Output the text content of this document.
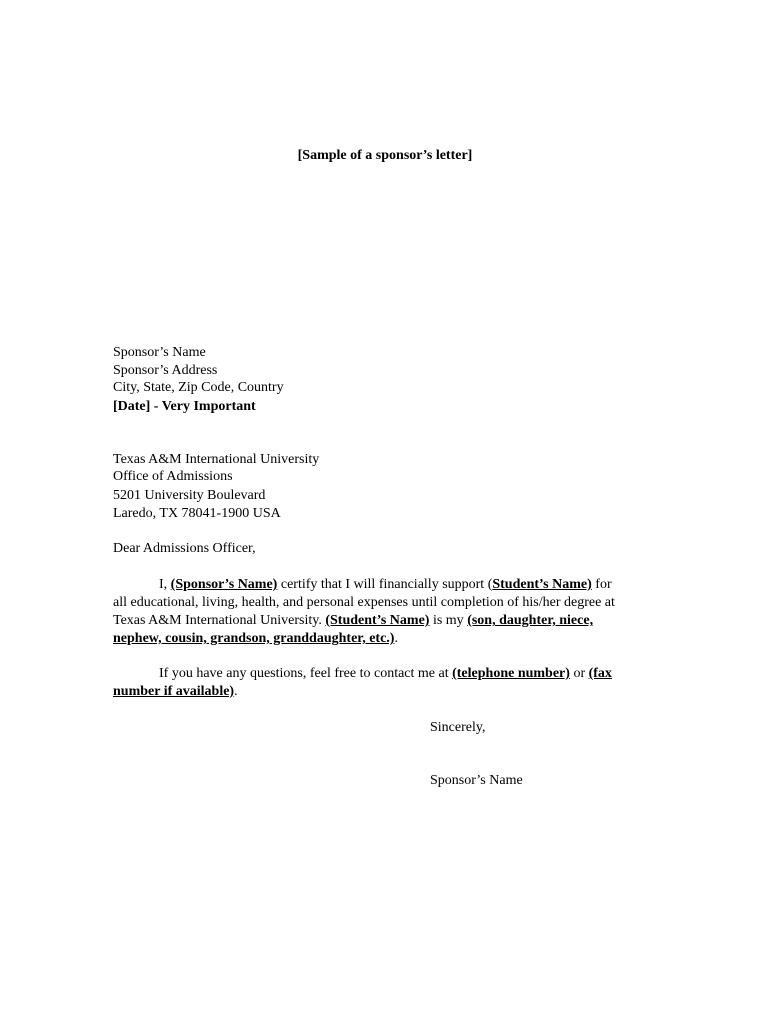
[Sample of a sponsor’s letter]
Sponsor’s Name
Sponsor’s Address
City, State, Zip Code, Country
[Date] - Very Important
Texas A&M International University
Office of Admissions
5201 University Boulevard
Laredo, TX 78041-1900 USA
Dear Admissions Officer,
I, (Sponsor’s Name) certify that I will financially support (Student’s Name) for
all educational, living, health, and personal expenses until completion of his/her degree at
Texas A&M International University. (Student’s Name) is my (son, daughter, niece,
nephew, cousin, grandson, granddaughter, etc.).
If you have any questions, feel free to contact me at (telephone number) or (fax
number if available).
Sincerely,
Sponsor’s Name
